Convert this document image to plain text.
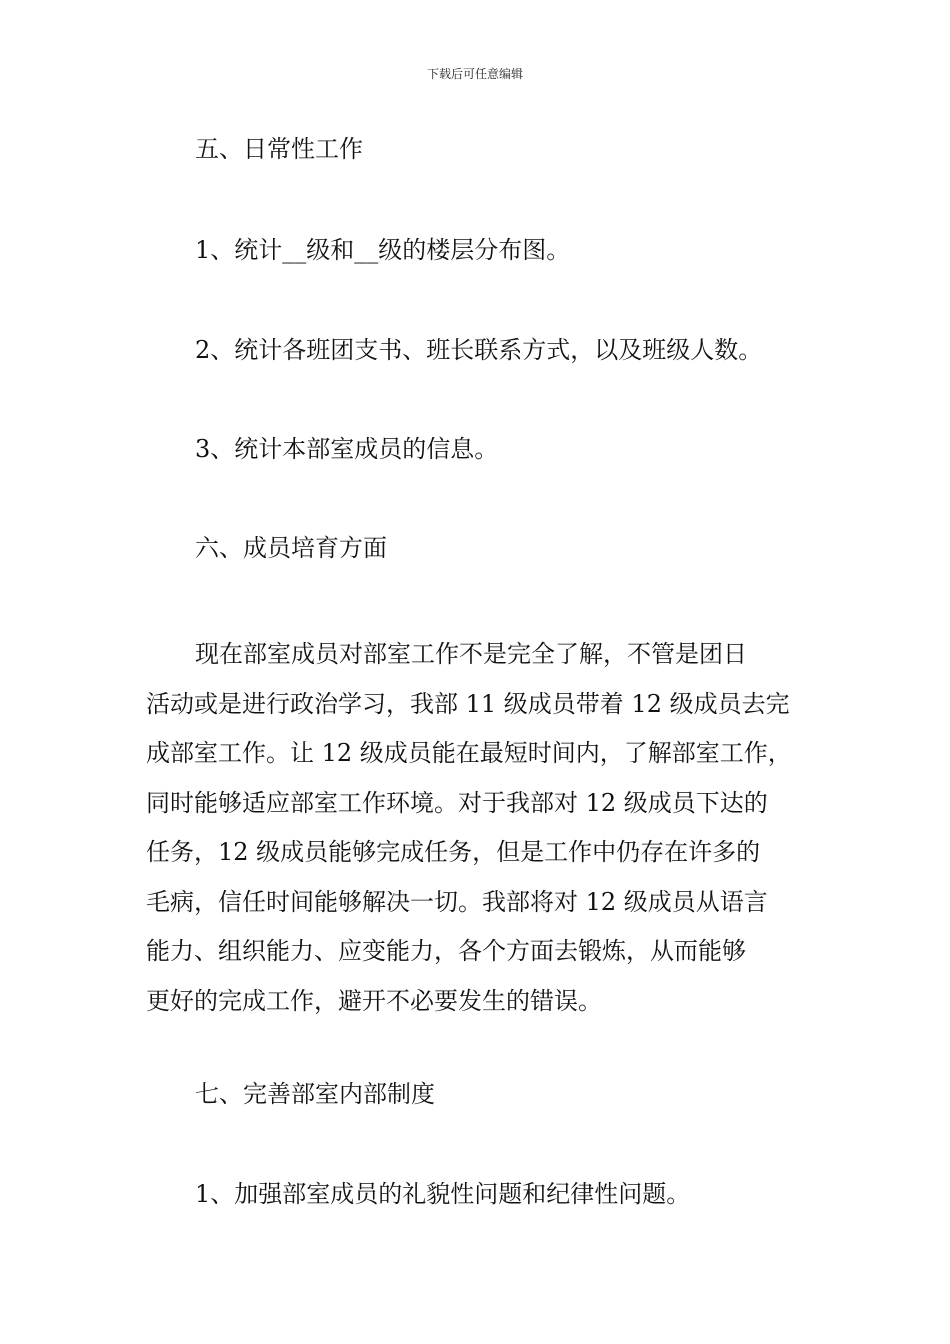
下载后可任意编辑
五、日常性工作
1、统计__级和__级的楼层分布图。
2、统计各班团支书、班长联系方式，以及班级人数。
3、统计本部室成员的信息。
六、成员培育方面
现在部室成员对部室工作不是完全了解，不管是团日
活动或是进行政治学习，我部 11 级成员带着 12 级成员去完
成部室工作。让 12 级成员能在最短时间内，了解部室工作，
同时能够适应部室工作环境。对于我部对 12 级成员下达的
任务，12 级成员能够完成任务，但是工作中仍存在许多的
毛病，信任时间能够解决一切。我部将对 12 级成员从语言
能力、组织能力、应变能力，各个方面去锻炼，从而能够
更好的完成工作，避开不必要发生的错误。
七、完善部室内部制度
1、加强部室成员的礼貌性问题和纪律性问题。
